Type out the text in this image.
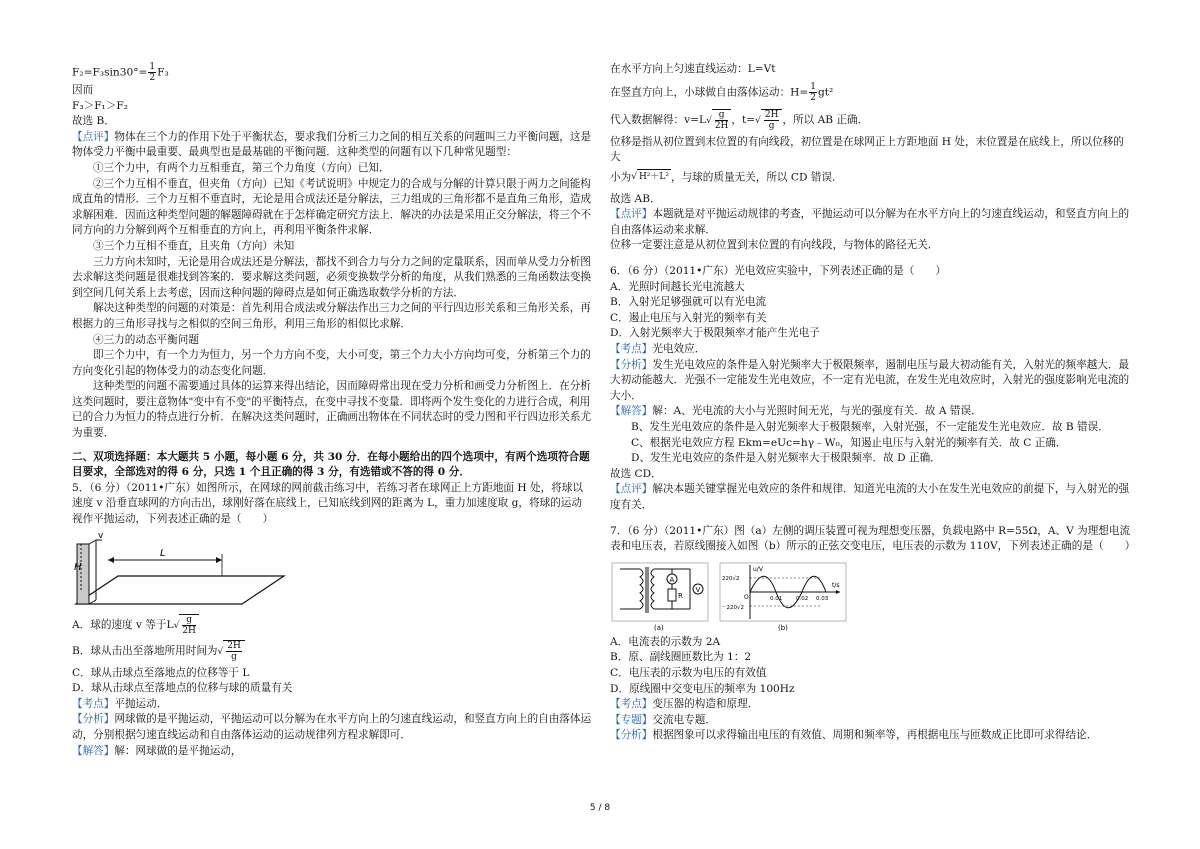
$F_2=F_3\sin 30^\circ= \frac{1}{2} F_3$

因而

F₃＞F₁＞F₂

故选 B．

【点评】物体在三个力的作用下处于平衡状态，要求我们分析三力之间的相互关系的问题叫三力平衡问题，这是物体受力平衡中最重要、最典型也是最基础的平衡问题．这种类型的问题有以下几种常见题型：

①三个力中，有两个力互相垂直，第三个力角度（方向）已知．

②三个力互相不垂直，但夹角（方向）已知《考试说明》中规定力的合成与分解的计算只限于两力之间能构成直角的情形．三个力互相不垂直时，无论是用合成法还是分解法，三力组成的三角形都不是直角三角形，造成求解困难．因而这种类型问题的解题障碍就在于怎样确定研究方法上．解决的办法是采用正交分解法，将三个不同方向的力分解到两个互相垂直的方向上，再利用平衡条件求解．

③三个力互相不垂直，且夹角（方向）未知

三力方向未知时，无论是用合成法还是分解法，都找不到合力与分力之间的定量联系，因而单从受力分析图去求解这类问题是很难找到答案的．要求解这类问题，必须变换数学分析的角度，从我们熟悉的三角函数法变换到空间几何关系上去考虑，因而这种问题的障碍点是如何正确选取数学分析的方法．

解决这种类型的问题的对策是：首先利用合成法或分解法作出三力之间的平行四边形关系和三角形关系，再根据力的三角形寻找与之相似的空间三角形，利用三角形的相似比求解．

④三力的动态平衡问题

即三个力中，有一个力为恒力，另一个力方向不变，大小可变，第三个力大小方向均可变，分析第三个力的方向变化引起的物体受力的动态变化问题．

这种类型的问题不需要通过具体的运算来得出结论，因而障碍常出现在受力分析和画受力分析图上．在分析这类问题时，要注意物体"变中有不变"的平衡特点，在变中寻找不变量．即将两个发生变化的力进行合成，利用已的合力为恒力的特点进行分析．在解决这类问题时，正确画出物体在不同状态时的受力图和平行四边形关系尤为重要．

二、双项选择题：本大题共 5 小题，每小题 6 分，共 30 分．在每小题给出的四个选项中，有两个选项符合题目要求，全部选对的得 6 分，只选 1 个且正确的得 3 分，有选错或不答的得 0 分．

5．（6 分）（2011•广东）如图所示，在网球的网前截击练习中，若练习者在球网正上方距地面 H 处，将球以速度 v 沿垂直球网的方向击出，球刚好落在底线上，已知底线到网的距离为 L，重力加速度取 g，将球的运动视作平抛运动，下列表述正确的是（　　）

v
H
L

A．球的速度 v 等于$L√ \frac{g}{2H}$

B．球从击出至落地所用时间为√ $\frac{2H}{g}$

C．球从击球点至落地点的位移等于 L

D．球从击球点至落地点的位移与球的质量有关

【考点】平抛运动．

【分析】网球做的是平抛运动，平抛运动可以分解为在水平方向上的匀速直线运动，和竖直方向上的自由落体运动，分别根据匀速直线运动和自由落体运动的运动规律列方程求解即可．

【解答】解：网球做的是平抛运动，

在水平方向上匀速直线运动：L=Vt

在竖直方向上，小球做自由落体运动：$H= \frac{1}{2} gt^2$

代入数据解得：$v=L√ \frac{g}{2H}$ ，$t=√ \frac{2H}{g}$ ，所以 AB 正确．

位移是指从初位置到末位置的有向线段，初位置是在球网正上方距地面 H 处，末位置是在底线上，所以位移的大

小为√ H²＋L² ，与球的质量无关，所以 CD 错误．

故选 AB．

【点评】本题就是对平抛运动规律的考查，平抛运动可以分解为在水平方向上的匀速直线运动，和竖直方向上的自由落体运动来求解．

位移一定要注意是从初位置到末位置的有向线段，与物体的路径无关．

6．（6 分）（2011•广东）光电效应实验中，下列表述正确的是（　　）

A．光照时间越长光电流越大

B．入射光足够强就可以有光电流

C．遏止电压与入射光的频率有关

D．入射光频率大于极限频率才能产生光电子

【考点】光电效应．

【分析】发生光电效应的条件是入射光频率大于极限频率，遏制电压与最大初动能有关，入射光的频率越大．最大初动能越大．光强不一定能发生光电效应，不一定有光电流，在发生光电效应时，入射光的强度影响光电流的大小．

【解答】解：A、光电流的大小与光照时间无光，与光的强度有关．故 A 错误．

B、发生光电效应的条件是入射光频率大于极限频率，入射光强，不一定能发生光电效应．故 B 错误．

C、根据光电效应方程 Ekm=eUc=hγ﹣W₀，知遏止电压与入射光的频率有关．故 C 正确．

D、发生光电效应的条件是入射光频率大于极限频率．故 D 正确．

故选 CD．

【点评】解决本题关键掌握光电效应的条件和规律．知道光电流的大小在发生光电效应的前提下，与入射光的强度有关．

7．（6 分）（2011•广东）图（a）左侧的调压装置可视为理想变压器，负载电路中 R=55Ω，A、V 为理想电流表和电压表，若原线圈接入如图（b）所示的正弦交变电压，电压表的示数为 110V，下列表述正确的是（　　）

A
R
V
(a)
u/V
t/s
220√2
－220√2
0.01	0.02 0.03
O
(b)

A．电流表的示数为 2A

B．原、副线圈匝数比为 1：2

C．电压表的示数为电压的有效值

D．原线圈中交变电压的频率为 100Hz

【考点】变压器的构造和原理．

【专题】交流电专题．

【分析】根据图象可以求得输出电压的有效值、周期和频率等，再根据电压与匝数成正比即可求得结论．

5 / 8
